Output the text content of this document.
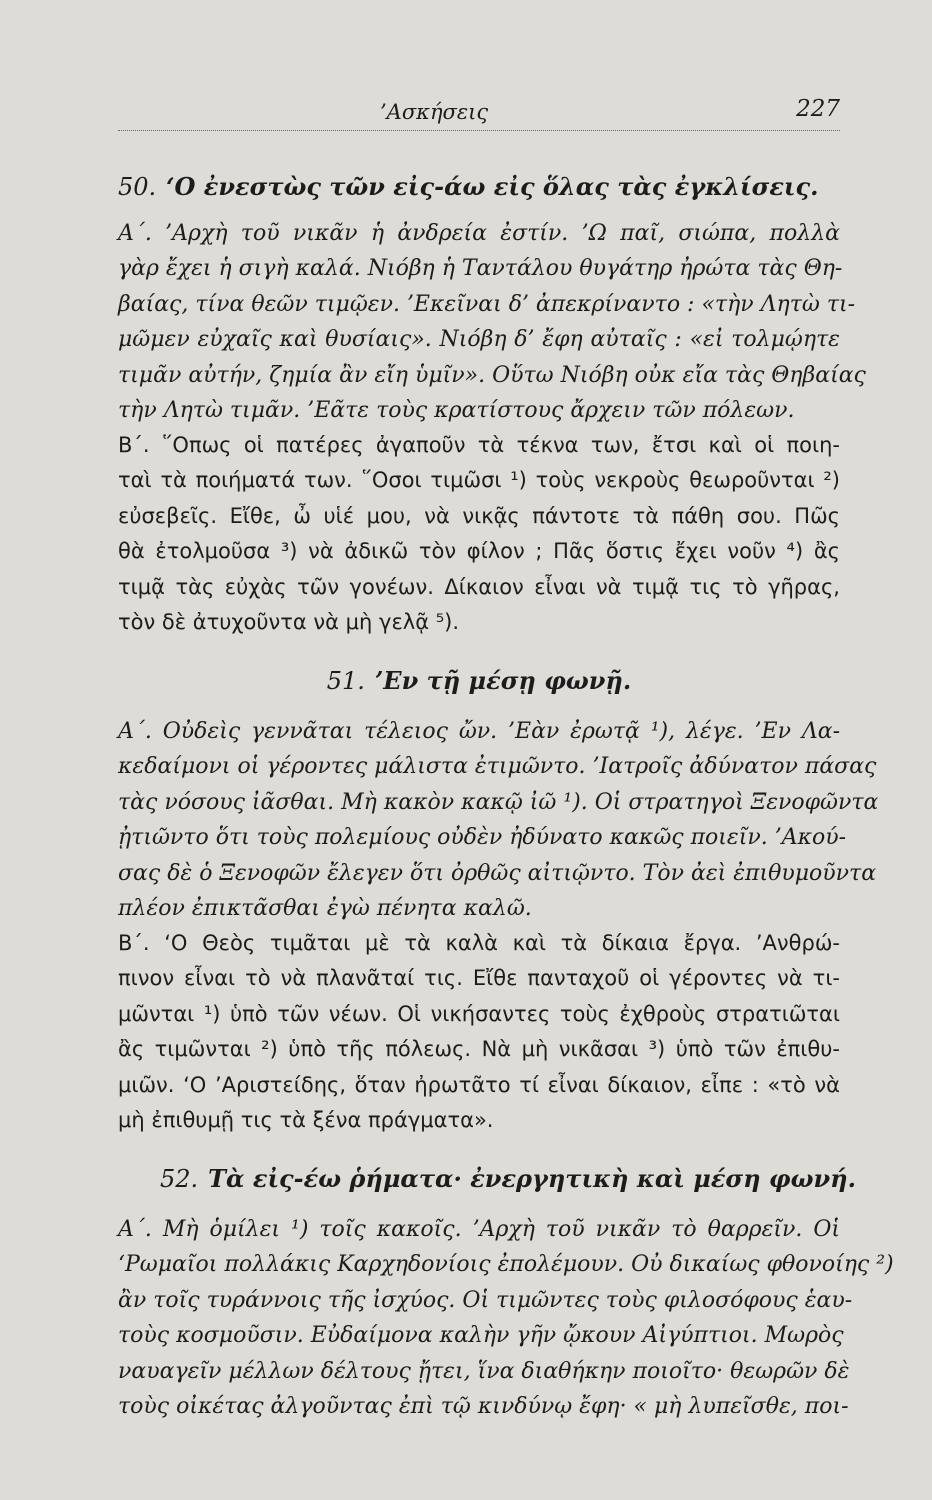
’Ασκήσεις	227
50. ‘Ο ἐνεστὼς τῶν εἰς-άω εἰς ὅλας τὰς ἐγκλίσεις.
Α΄. ’Αρχὴ τοῦ νικᾶν ἡ ἀνδρεία ἐστίν. ’Ω παῖ, σιώπα, πολλὰ
γὰρ ἔχει ἡ σιγὴ καλά. Νιόβη ἡ Ταντάλου θυγάτηρ ἠρώτα τὰς Θη-
βαίας, τίνα θεῶν τιμῷεν. ’Εκεῖναι δ’ ἀπεκρίναντο : «τὴν Λητὼ τι-
μῶμεν εὐχαῖς καὶ θυσίαις». Νιόβη δ’ ἔφη αὐταῖς : «εἰ τολμῴητε
τιμᾶν αὐτήν, ζημία ἂν εἴη ὑμῖν». Οὕτω Νιόβη οὐκ εἴα τὰς Θηβαίας
τὴν Λητὼ τιμᾶν. ’Εᾶτε τοὺς κρατίστους ἄρχειν τῶν πόλεων.
Β΄. ῞Οπως οἱ πατέρες ἀγαποῦν τὰ τέκνα των, ἔτσι καὶ οἱ ποιη-
ταὶ τὰ ποιήματά των. ῞Οσοι τιμῶσι ¹) τοὺς νεκροὺς θεωροῦνται ²)
εὐσεβεῖς. Εἴθε, ὦ υἱέ μου, νὰ νικᾷς πάντοτε τὰ πάθη σου. Πῶς
θὰ ἐτολμοῦσα ³) νὰ ἀδικῶ τὸν φίλον ; Πᾶς ὅστις ἔχει νοῦν ⁴) ἂς
τιμᾷ τὰς εὐχὰς τῶν γονέων. Δίκαιον εἶναι νὰ τιμᾷ τις τὸ γῆρας,
τὸν δὲ ἀτυχοῦντα νὰ μὴ γελᾷ ⁵).
51. ’Εν τῇ μέσῃ φωνῇ.
Α΄. Οὐδεὶς γεννᾶται τέλειος ὤν. ’Εὰν ἐρωτᾷ ¹), λέγε. ’Εν Λα-
κεδαίμονι οἱ γέροντες μάλιστα ἐτιμῶντο. ’Ιατροῖς ἀδύνατον πάσας
τὰς νόσους ἰᾶσθαι. Μὴ κακὸν κακῷ ἰῶ ¹). Οἱ στρατηγοὶ Ξενοφῶντα
ᾐτιῶντο ὅτι τοὺς πολεμίους οὐδὲν ἠδύνατο κακῶς ποιεῖν. ’Ακού-
σας δὲ ὁ Ξενοφῶν ἔλεγεν ὅτι ὀρθῶς αἰτιῷντο. Τὸν ἀεὶ ἐπιθυμοῦντα
πλέον ἐπικτᾶσθαι ἐγὼ πένητα καλῶ.
Β΄. ‘Ο Θεὸς τιμᾶται μὲ τὰ καλὰ καὶ τὰ δίκαια ἔργα. ’Ανθρώ-
πινον εἶναι τὸ νὰ πλανᾶταί τις. Εἴθε πανταχοῦ οἱ γέροντες νὰ τι-
μῶνται ¹) ὑπὸ τῶν νέων. Οἱ νικήσαντες τοὺς ἐχθροὺς στρατιῶται
ἂς τιμῶνται ²) ὑπὸ τῆς πόλεως. Νὰ μὴ νικᾶσαι ³) ὑπὸ τῶν ἐπιθυ-
μιῶν. ‘Ο ’Αριστείδης, ὅταν ἠρωτᾶτο τί εἶναι δίκαιον, εἶπε : «τὸ νὰ
μὴ ἐπιθυμῇ τις τὰ ξένα πράγματα».
52. Τὰ εἰς-έω ῥήματα· ἐνεργητικὴ καὶ μέση φωνή.
Α΄. Μὴ ὁμίλει ¹) τοῖς κακοῖς. ’Αρχὴ τοῦ νικᾶν τὸ θαρρεῖν. Οἱ
‘Ρωμαῖοι πολλάκις Καρχηδονίοις ἐπολέμουν. Οὐ δικαίως φθονοίης ²)
ἂν τοῖς τυράννοις τῆς ἰσχύος. Οἱ τιμῶντες τοὺς φιλοσόφους ἑαυ-
τοὺς κοσμοῦσιν. Εὐδαίμονα καλὴν γῆν ᾤκουν Αἰγύπτιοι. Μωρὸς
ναυαγεῖν μέλλων δέλτους ᾔτει, ἵνα διαθήκην ποιοῖτο· θεωρῶν δὲ
τοὺς οἰκέτας ἀλγοῦντας ἐπὶ τῷ κινδύνῳ ἔφη· « μὴ λυπεῖσθε, ποι-
